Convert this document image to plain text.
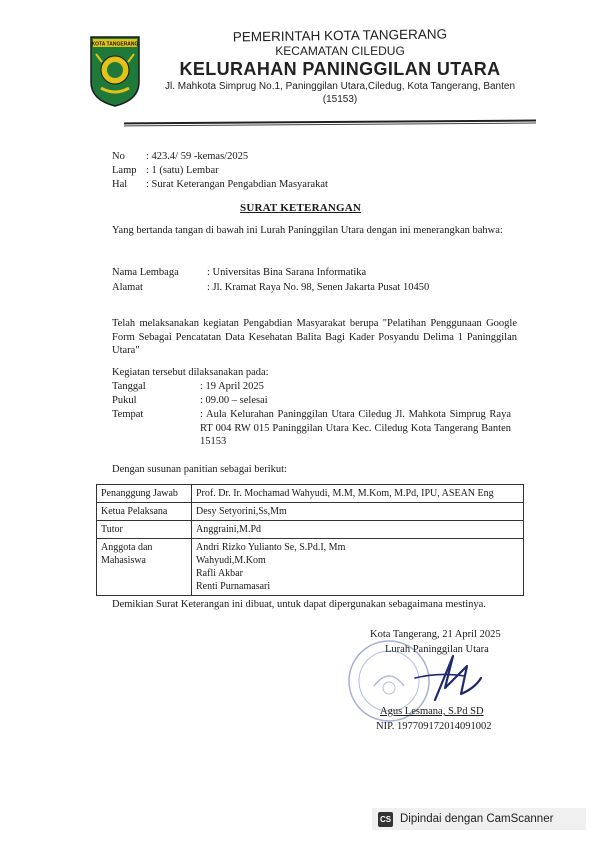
KOTA TANGERANG
PEMERINTAH KOTA TANGERANG
KECAMATAN CILEDUG
KELURAHAN PANINGGILAN UTARA
Jl. Mahkota Simprug No.1, Paninggilan Utara,Ciledug, Kota Tangerang, Banten
(15153)
No : 423.4/ 59 -kemas/2025
Lamp : 1 (satu) Lembar
Hal : Surat Keterangan Pengabdian Masyarakat
SURAT KETERANGAN
Yang bertanda tangan di bawah ini Lurah Paninggilan Utara dengan ini menerangkan bahwa:
Nama Lembaga	: Universitas Bina Sarana Informatika
Alamat	: Jl. Kramat Raya No. 98, Senen Jakarta Pusat 10450
Telah melaksanakan kegiatan Pengabdian Masyarakat berupa "Pelatihan Penggunaan Google Form Sebagai Pencatatan Data Kesehatan Balita Bagi Kader Posyandu Delima 1 Paninggilan Utara"
Kegiatan tersebut dilaksanakan pada:
Tanggal	: 19 April 2025
Pukul	: 09.00 – selesai
Tempat	: Aula Kelurahan Paninggilan Utara Ciledug Jl. Mahkota Simprug Raya RT 004 RW 015 Paninggilan Utara Kec. Ciledug Kota Tangerang Banten 15153
Dengan susunan panitian sebagai berikut:
Penanggung Jawab	Prof. Dr. Ir. Mochamad Wahyudi, M.M, M.Kom, M.Pd, IPU, ASEAN Eng

Ketua Pelaksana	Desy Setyorini,Ss,Mm

Tutor	Anggraini,M.Pd

Anggota dan Mahasiswa	Andri Rizko Yulianto Se, S.Pd.I, Mm
Wahyudi,M.Kom
Rafli Akbar
Renti Purnamasari
Demikian Surat Keterangan ini dibuat, untuk dapat dipergunakan sebagaimana mestinya.
Kota Tangerang, 21 April 2025
Lurah Paninggilan Utara
Agus Lesmana, S.Pd SD
NIP. 197709172014091002
CS Dipindai dengan CamScanner
